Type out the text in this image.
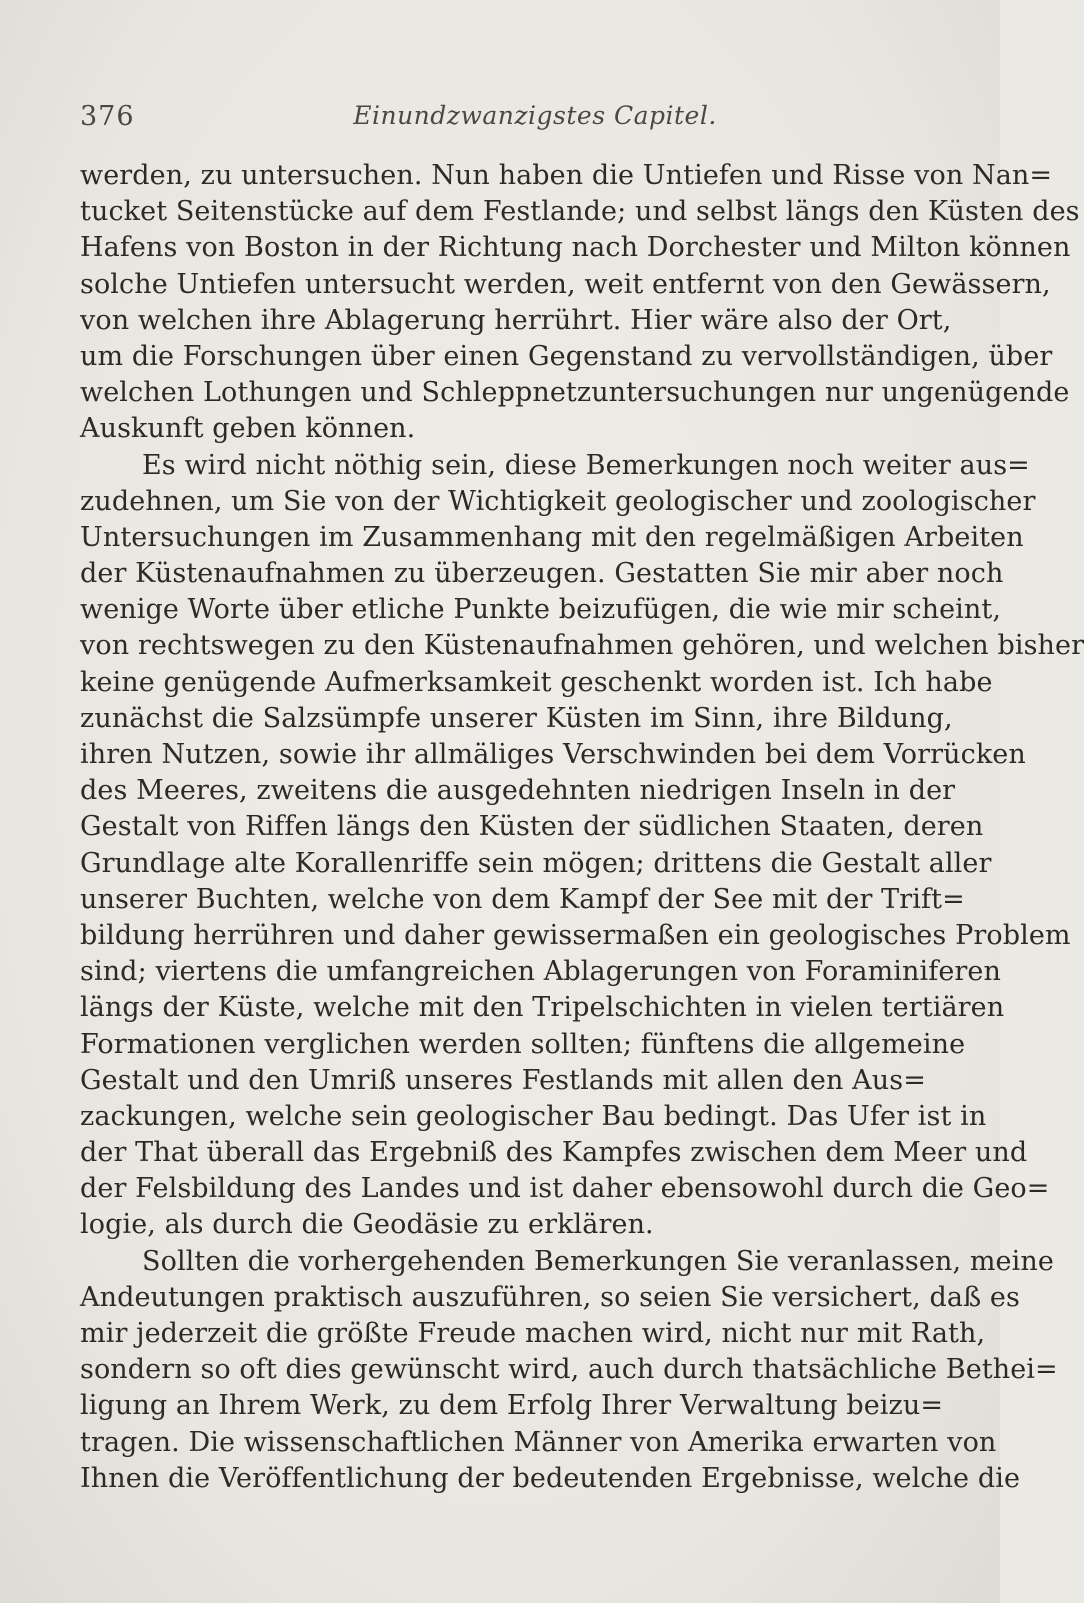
376	Einundzwanzigstes Capitel.
werden, zu untersuchen. Nun haben die Untiefen und Risse von Nan=
tucket Seitenstücke auf dem Festlande; und selbst längs den Küsten des
Hafens von Boston in der Richtung nach Dorchester und Milton können
solche Untiefen untersucht werden, weit entfernt von den Gewässern,
von welchen ihre Ablagerung herrührt. Hier wäre also der Ort,
um die Forschungen über einen Gegenstand zu vervollständigen, über
welchen Lothungen und Schleppnetzuntersuchungen nur ungenügende
Auskunft geben können.
Es wird nicht nöthig sein, diese Bemerkungen noch weiter aus=
zudehnen, um Sie von der Wichtigkeit geologischer und zoologischer
Untersuchungen im Zusammenhang mit den regelmäßigen Arbeiten
der Küstenaufnahmen zu überzeugen. Gestatten Sie mir aber noch
wenige Worte über etliche Punkte beizufügen, die wie mir scheint,
von rechtswegen zu den Küstenaufnahmen gehören, und welchen bisher
keine genügende Aufmerksamkeit geschenkt worden ist. Ich habe
zunächst die Salzsümpfe unserer Küsten im Sinn, ihre Bildung,
ihren Nutzen, sowie ihr allmäliges Verschwinden bei dem Vorrücken
des Meeres, zweitens die ausgedehnten niedrigen Inseln in der
Gestalt von Riffen längs den Küsten der südlichen Staaten, deren
Grundlage alte Korallenriffe sein mögen; drittens die Gestalt aller
unserer Buchten, welche von dem Kampf der See mit der Trift=
bildung herrühren und daher gewissermaßen ein geologisches Problem
sind; viertens die umfangreichen Ablagerungen von Foraminiferen
längs der Küste, welche mit den Tripelschichten in vielen tertiären
Formationen verglichen werden sollten; fünftens die allgemeine
Gestalt und den Umriß unseres Festlands mit allen den Aus=
zackungen, welche sein geologischer Bau bedingt. Das Ufer ist in
der That überall das Ergebniß des Kampfes zwischen dem Meer und
der Felsbildung des Landes und ist daher ebensowohl durch die Geo=
logie, als durch die Geodäsie zu erklären.
Sollten die vorhergehenden Bemerkungen Sie veranlassen, meine
Andeutungen praktisch auszuführen, so seien Sie versichert, daß es
mir jederzeit die größte Freude machen wird, nicht nur mit Rath,
sondern so oft dies gewünscht wird, auch durch thatsächliche Bethei=
ligung an Ihrem Werk, zu dem Erfolg Ihrer Verwaltung beizu=
tragen. Die wissenschaftlichen Männer von Amerika erwarten von
Ihnen die Veröffentlichung der bedeutenden Ergebnisse, welche die
